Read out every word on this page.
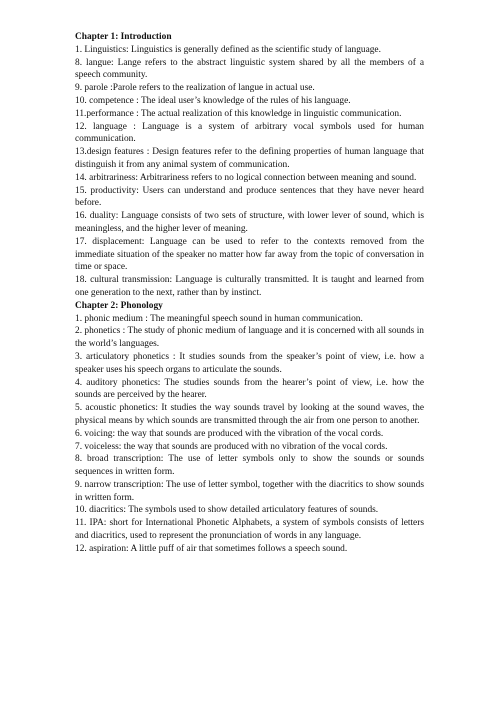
Chapter 1: Introduction

1. Linguistics: Linguistics is generally defined as the scientific study of language.

8. langue: Lange refers to the abstract linguistic system shared by all the members of a speech community.

9. parole :Parole refers to the realization of langue in actual use.

10. competence : The ideal user’s knowledge of the rules of his language.

11.performance : The actual realization of this knowledge in linguistic communication.

12. language : Language is a system of arbitrary vocal symbols used for human communication.

13.design features : Design features refer to the defining properties of human language that distinguish it from any animal system of communication.

14. arbitrariness: Arbitrariness refers to no logical connection between meaning and sound.

15. productivity: Users can understand and produce sentences that they have never heard before.

16. duality: Language consists of two sets of structure, with lower lever of sound, which is meaningless, and the higher lever of meaning.

17. displacement: Language can be used to refer to the contexts removed from the immediate situation of the speaker no matter how far away from the topic of conversation in time or space.

18. cultural transmission: Language is culturally transmitted. It is taught and learned from one generation to the next, rather than by instinct.

Chapter 2: Phonology

1. phonic medium : The meaningful speech sound in human communication.

2. phonetics : The study of phonic medium of language and it is concerned with all sounds in the world’s languages.

3. articulatory phonetics : It studies sounds from the speaker’s point of view, i.e. how a speaker uses his speech organs to articulate the sounds.

4. auditory phonetics: The studies sounds from the hearer’s point of view, i.e. how the sounds are perceived by the hearer.

5. acoustic phonetics: It studies the way sounds travel by looking at the sound waves, the physical means by which sounds are transmitted through the air from one person to another.

6. voicing: the way that sounds are produced with the vibration of the vocal cords.

7. voiceless: the way that sounds are produced with no vibration of the vocal cords.

8. broad transcription: The use of letter symbols only to show the sounds or sounds sequences in written form.

9. narrow transcription: The use of letter symbol, together with the diacritics to show sounds in written form.

10. diacritics: The symbols used to show detailed articulatory features of sounds.

11. IPA: short for International Phonetic Alphabets, a system of symbols consists of letters and diacritics, used to represent the pronunciation of words in any language.

12. aspiration: A little puff of air that sometimes follows a speech sound.
